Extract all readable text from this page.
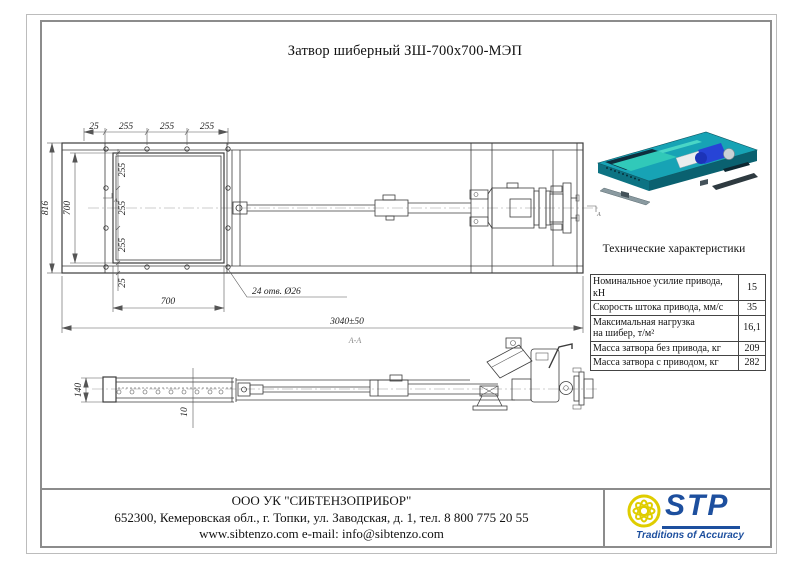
Затвор шиберный ЗШ-700х700-МЭП
А
А
25 255	255	255
816 700
255
255
255
25
700
24 отв. Ø26
3040±50
А-А
140
10
Технические характеристики
Номинальное усилие привода, кН	15
Скорость штока привода, мм/с	35

Максимальная нагрузка
на шибер, т/м²	16,1
Масса затвора без привода, кг	209
Масса затвора с приводом, кг	282
ООО УК "СИБТЕНЗОПРИБОР"
652300, Кемеровская обл., г. Топки, ул. Заводская, д. 1, тел. 8 800 775 20 55
www.sibtenzo.com e-mail: info@sibtenzo.com
STP
Traditions of Accuracy
